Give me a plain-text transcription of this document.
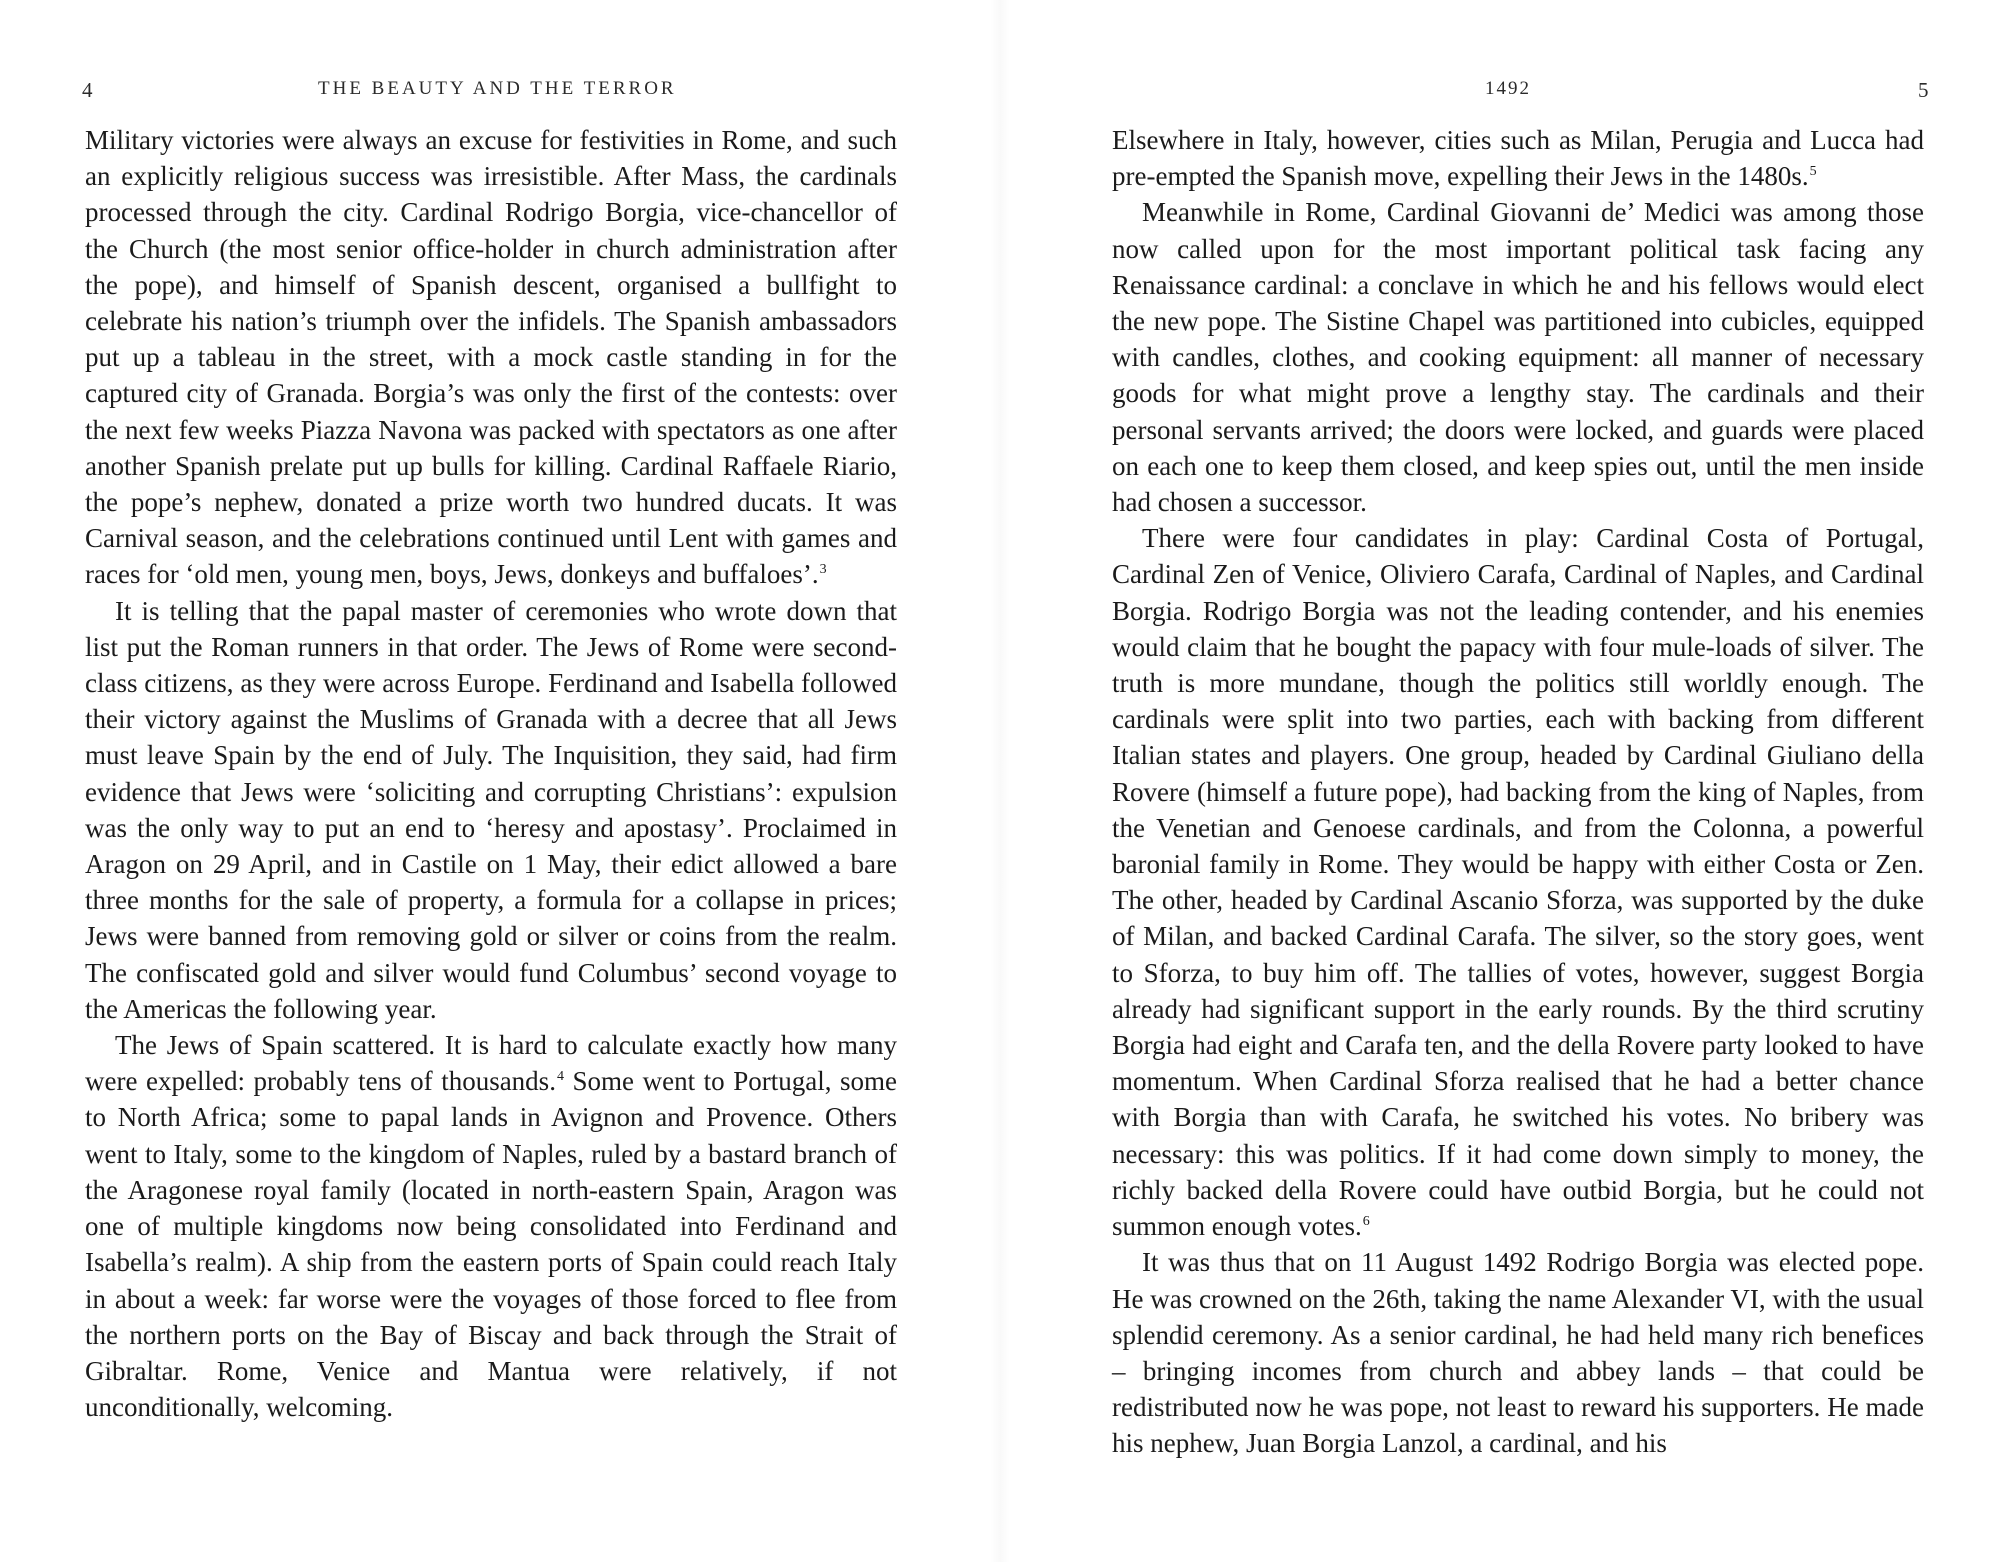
4	THE BEAUTY AND THE TERROR

Military victories were always an excuse for festivities in Rome, and such an explicitly religious success was irresistible. After Mass, the cardinals processed through the city. Cardinal Rodrigo Borgia, vice-chancellor of the Church (the most senior office-holder in church administration after the pope), and himself of Spanish descent, organised a bullfight to celebrate his nation’s triumph over the infidels. The Spanish ambassadors put up a tableau in the street, with a mock castle standing in for the captured city of Granada. Borgia’s was only the first of the contests: over the next few weeks Piazza Navona was packed with spectators as one after another Spanish prelate put up bulls for killing. Cardinal Raffaele Riario, the pope’s nephew, donated a prize worth two hundred ducats. It was Carnival season, and the celebrations continued until Lent with games and races for ‘old men, young men, boys, Jews, donkeys and buffaloes’.$^3$

It is telling that the papal master of ceremonies who wrote down that list put the Roman runners in that order. The Jews of Rome were second-class citizens, as they were across Europe. Ferdinand and Isabella followed their victory against the Muslims of Granada with a decree that all Jews must leave Spain by the end of July. The Inquisition, they said, had firm evidence that Jews were ‘soliciting and corrupting Christians’: expulsion was the only way to put an end to ‘heresy and apostasy’. Proclaimed in Aragon on 29 April, and in Castile on 1 May, their edict allowed a bare three months for the sale of property, a formula for a collapse in prices; Jews were banned from removing gold or silver or coins from the realm. The confiscated gold and silver would fund Columbus’ second voyage to the Americas the following year.

The Jews of Spain scattered. It is hard to calculate exactly how many were expelled: probably tens of thousands.$^4$ Some went to Portugal, some to North Africa; some to papal lands in Avignon and Provence. Others went to Italy, some to the kingdom of Naples, ruled by a bastard branch of the Aragonese royal family (located in north-eastern Spain, Aragon was one of multiple kingdoms now being consolidated into Ferdinand and Isabella’s realm). A ship from the eastern ports of Spain could reach Italy in about a week: far worse were the voyages of those forced to flee from the northern ports on the Bay of Biscay and back through the Strait of Gibraltar. Rome, Venice and Mantua were relatively, if not unconditionally, welcoming.

1492	5

Elsewhere in Italy, however, cities such as Milan, Perugia and Lucca had pre-empted the Spanish move, expelling their Jews in the 1480s.$^5$

Meanwhile in Rome, Cardinal Giovanni de’ Medici was among those now called upon for the most important political task facing any Renaissance cardinal: a conclave in which he and his fellows would elect the new pope. The Sistine Chapel was partitioned into cubicles, equipped with candles, clothes, and cooking equipment: all manner of necessary goods for what might prove a lengthy stay. The cardinals and their personal servants arrived; the doors were locked, and guards were placed on each one to keep them closed, and keep spies out, until the men inside had chosen a successor.

There were four candidates in play: Cardinal Costa of Portugal, Cardinal Zen of Venice, Oliviero Carafa, Cardinal of Naples, and Cardinal Borgia. Rodrigo Borgia was not the leading contender, and his enemies would claim that he bought the papacy with four mule-loads of silver. The truth is more mundane, though the politics still worldly enough. The cardinals were split into two parties, each with backing from different Italian states and players. One group, headed by Cardinal Giuliano della Rovere (himself a future pope), had backing from the king of Naples, from the Venetian and Genoese cardinals, and from the Colonna, a powerful baronial family in Rome. They would be happy with either Costa or Zen. The other, headed by Cardinal Ascanio Sforza, was supported by the duke of Milan, and backed Cardinal Carafa. The silver, so the story goes, went to Sforza, to buy him off. The tallies of votes, however, suggest Borgia already had significant support in the early rounds. By the third scrutiny Borgia had eight and Carafa ten, and the della Rovere party looked to have momentum. When Cardinal Sforza realised that he had a better chance with Borgia than with Carafa, he switched his votes. No bribery was necessary: this was politics. If it had come down simply to money, the richly backed della Rovere could have outbid Borgia, but he could not summon enough votes.$^6$

It was thus that on 11 August 1492 Rodrigo Borgia was elected pope. He was crowned on the 26th, taking the name Alexander VI, with the usual splendid ceremony. As a senior cardinal, he had held many rich benefices – bringing incomes from church and abbey lands – that could be redistributed now he was pope, not least to reward his supporters. He made his nephew, Juan Borgia Lanzol, a cardinal, and his
